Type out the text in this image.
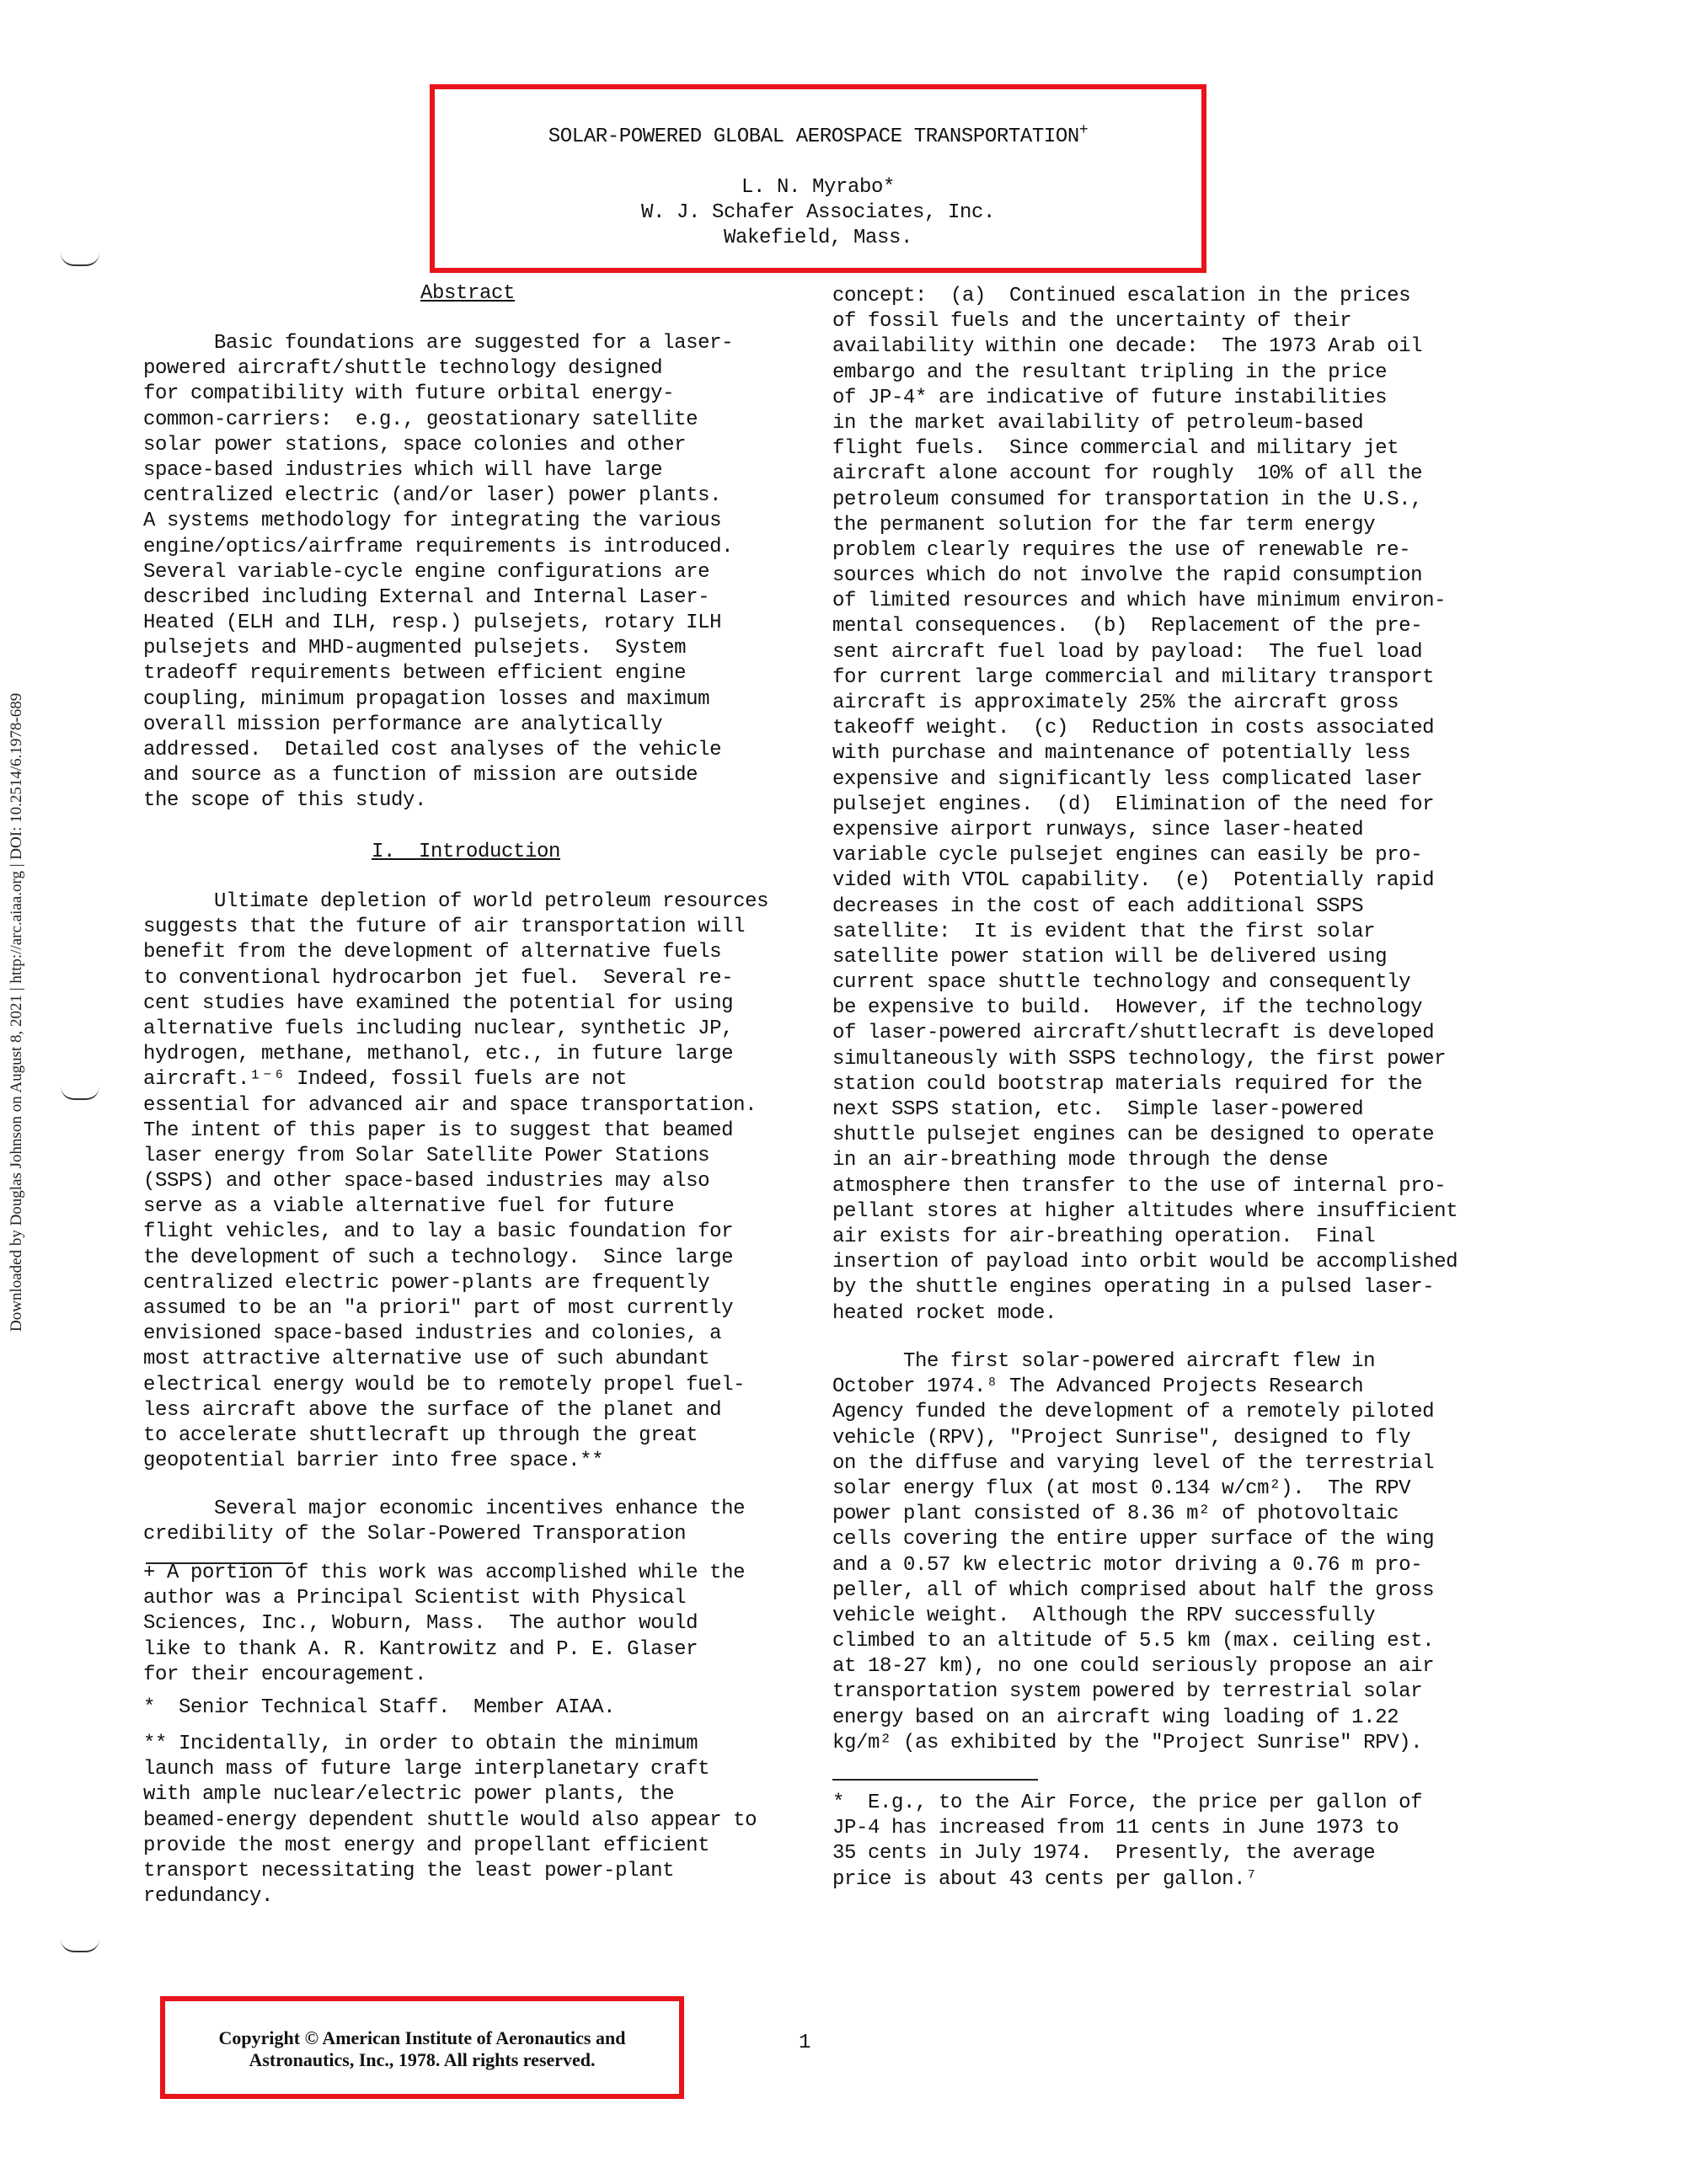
Downloaded by Douglas Johnson on August 8, 2021 | http://arc.aiaa.org | DOI: 10.2514/6.1978-689
SOLAR-POWERED GLOBAL AEROSPACE TRANSPORTATION+
L. N. Myrabo*
W. J. Schafer Associates, Inc.
Wakefield, Mass.
Abstract
Basic foundations are suggested for a laser-
powered aircraft/shuttle technology designed
for compatibility with future orbital energy-
common-carriers:  e.g., geostationary satellite
solar power stations, space colonies and other
space-based industries which will have large
centralized electric (and/or laser) power plants.
A systems methodology for integrating the various
engine/optics/airframe requirements is introduced.
Several variable-cycle engine configurations are
described including External and Internal Laser-
Heated (ELH and ILH, resp.) pulsejets, rotary ILH
pulsejets and MHD-augmented pulsejets.  System
tradeoff requirements between efficient engine
coupling, minimum propagation losses and maximum
overall mission performance are analytically
addressed.  Detailed cost analyses of the vehicle
and source as a function of mission are outside
the scope of this study.
I.  Introduction
Ultimate depletion of world petroleum resources
suggests that the future of air transportation will
benefit from the development of alternative fuels
to conventional hydrocarbon jet fuel.  Several re-
cent studies have examined the potential for using
alternative fuels including nuclear, synthetic JP,
hydrogen, methane, methanol, etc., in future large
aircraft.¹⁻⁶ Indeed, fossil fuels are not
essential for advanced air and space transportation.
The intent of this paper is to suggest that beamed
laser energy from Solar Satellite Power Stations
(SSPS) and other space-based industries may also
serve as a viable alternative fuel for future
flight vehicles, and to lay a basic foundation for
the development of such a technology.  Since large
centralized electric power-plants are frequently
assumed to be an "a priori" part of most currently
envisioned space-based industries and colonies, a
most attractive alternative use of such abundant
electrical energy would be to remotely propel fuel-
less aircraft above the surface of the planet and
to accelerate shuttlecraft up through the great
geopotential barrier into free space.**
Several major economic incentives enhance the
credibility of the Solar-Powered Transporation
+ A portion of this work was accomplished while the
author was a Principal Scientist with Physical
Sciences, Inc., Woburn, Mass.  The author would
like to thank A. R. Kantrowitz and P. E. Glaser
for their encouragement.
*  Senior Technical Staff.  Member AIAA.
** Incidentally, in order to obtain the minimum
launch mass of future large interplanetary craft
with ample nuclear/electric power plants, the
beamed-energy dependent shuttle would also appear to
provide the most energy and propellant efficient
transport necessitating the least power-plant
redundancy.
concept:  (a)  Continued escalation in the prices
of fossil fuels and the uncertainty of their
availability within one decade:  The 1973 Arab oil
embargo and the resultant tripling in the price
of JP-4* are indicative of future instabilities
in the market availability of petroleum-based
flight fuels.  Since commercial and military jet
aircraft alone account for roughly  10% of all the
petroleum consumed for transportation in the U.S.,
the permanent solution for the far term energy
problem clearly requires the use of renewable re-
sources which do not involve the rapid consumption
of limited resources and which have minimum environ-
mental consequences.  (b)  Replacement of the pre-
sent aircraft fuel load by payload:  The fuel load
for current large commercial and military transport
aircraft is approximately 25% the aircraft gross
takeoff weight.  (c)  Reduction in costs associated
with purchase and maintenance of potentially less
expensive and significantly less complicated laser
pulsejet engines.  (d)  Elimination of the need for
expensive airport runways, since laser-heated
variable cycle pulsejet engines can easily be pro-
vided with VTOL capability.  (e)  Potentially rapid
decreases in the cost of each additional SSPS
satellite:  It is evident that the first solar
satellite power station will be delivered using
current space shuttle technology and consequently
be expensive to build.  However, if the technology
of laser-powered aircraft/shuttlecraft is developed
simultaneously with SSPS technology, the first power
station could bootstrap materials required for the
next SSPS station, etc.  Simple laser-powered
shuttle pulsejet engines can be designed to operate
in an air-breathing mode through the dense
atmosphere then transfer to the use of internal pro-
pellant stores at higher altitudes where insufficient
air exists for air-breathing operation.  Final
insertion of payload into orbit would be accomplished
by the shuttle engines operating in a pulsed laser-
heated rocket mode.
The first solar-powered aircraft flew in
October 1974.⁸ The Advanced Projects Research
Agency funded the development of a remotely piloted
vehicle (RPV), "Project Sunrise", designed to fly
on the diffuse and varying level of the terrestrial
solar energy flux (at most 0.134 w/cm²).  The RPV
power plant consisted of 8.36 m² of photovoltaic
cells covering the entire upper surface of the wing
and a 0.57 kw electric motor driving a 0.76 m pro-
peller, all of which comprised about half the gross
vehicle weight.  Although the RPV successfully
climbed to an altitude of 5.5 km (max. ceiling est.
at 18-27 km), no one could seriously propose an air
transportation system powered by terrestrial solar
energy based on an aircraft wing loading of 1.22
kg/m² (as exhibited by the "Project Sunrise" RPV).
*  E.g., to the Air Force, the price per gallon of
JP-4 has increased from 11 cents in June 1973 to
35 cents in July 1974.  Presently, the average
price is about 43 cents per gallon.⁷
Copyright © American Institute of Aeronautics and
Astronautics, Inc., 1978. All rights reserved.
1
